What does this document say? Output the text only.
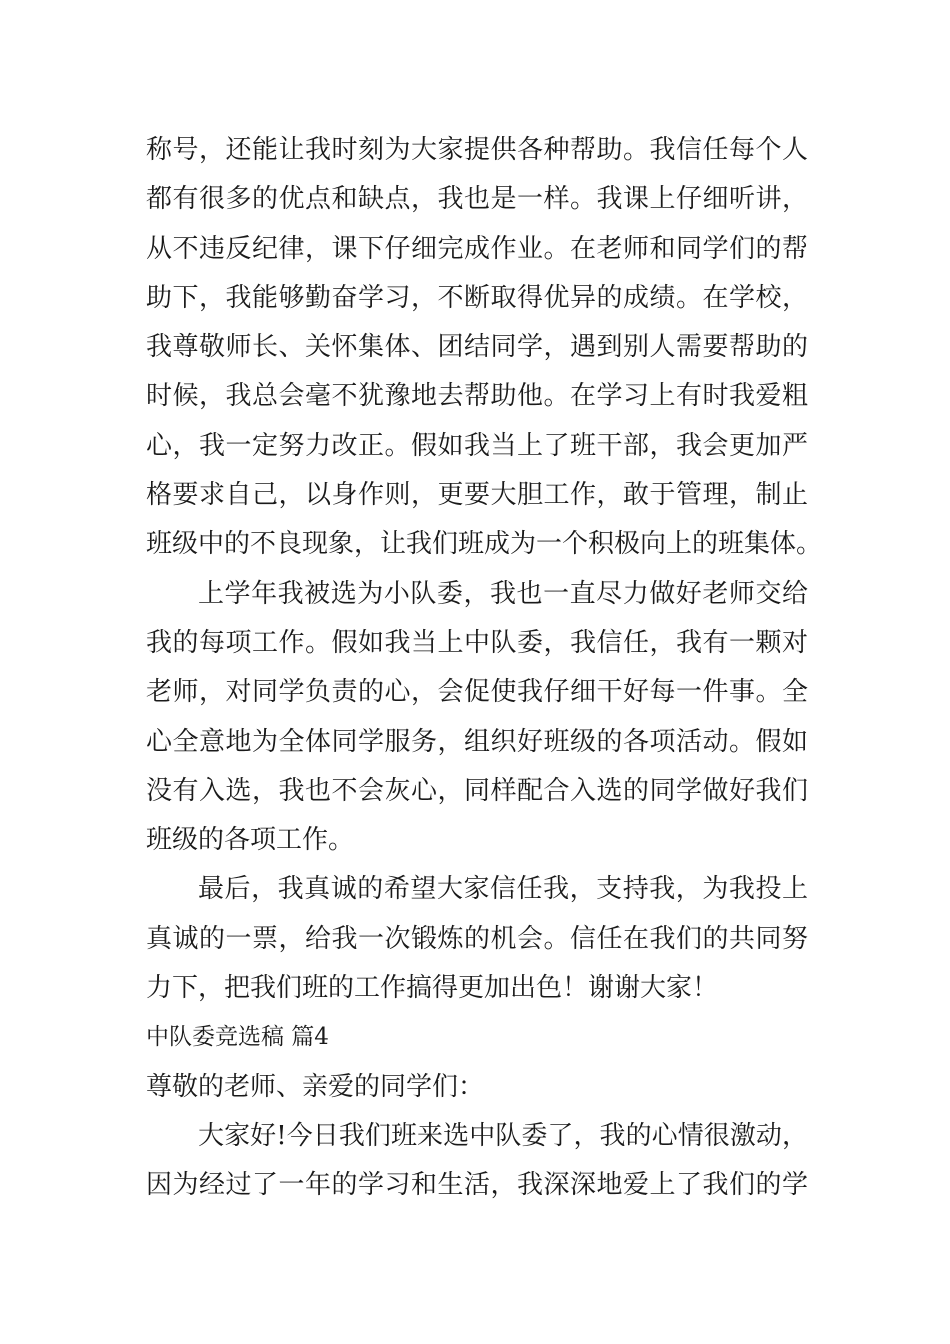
称号，还能让我时刻为大家提供各种帮助。我信任每个人
都有很多的优点和缺点，我也是一样。我课上仔细听讲，
从不违反纪律，课下仔细完成作业。在老师和同学们的帮
助下，我能够勤奋学习，不断取得优异的成绩。在学校，
我尊敬师长、关怀集体、团结同学，遇到别人需要帮助的
时候，我总会毫不犹豫地去帮助他。在学习上有时我爱粗
心，我一定努力改正。假如我当上了班干部，我会更加严
格要求自己，以身作则，更要大胆工作，敢于管理，制止
班级中的不良现象，让我们班成为一个积极向上的班集体。
上学年我被选为小队委，我也一直尽力做好老师交给
我的每项工作。假如我当上中队委，我信任，我有一颗对
老师，对同学负责的心，会促使我仔细干好每一件事。全
心全意地为全体同学服务，组织好班级的各项活动。假如
没有入选，我也不会灰心，同样配合入选的同学做好我们
班级的各项工作。
最后，我真诚的希望大家信任我，支持我，为我投上
真诚的一票，给我一次锻炼的机会。信任在我们的共同努
力下，把我们班的工作搞得更加出色！谢谢大家！
中队委竞选稿 篇4
尊敬的老师、亲爱的同学们：
大家好!今日我们班来选中队委了，我的心情很激动，
因为经过了一年的学习和生活，我深深地爱上了我们的学
